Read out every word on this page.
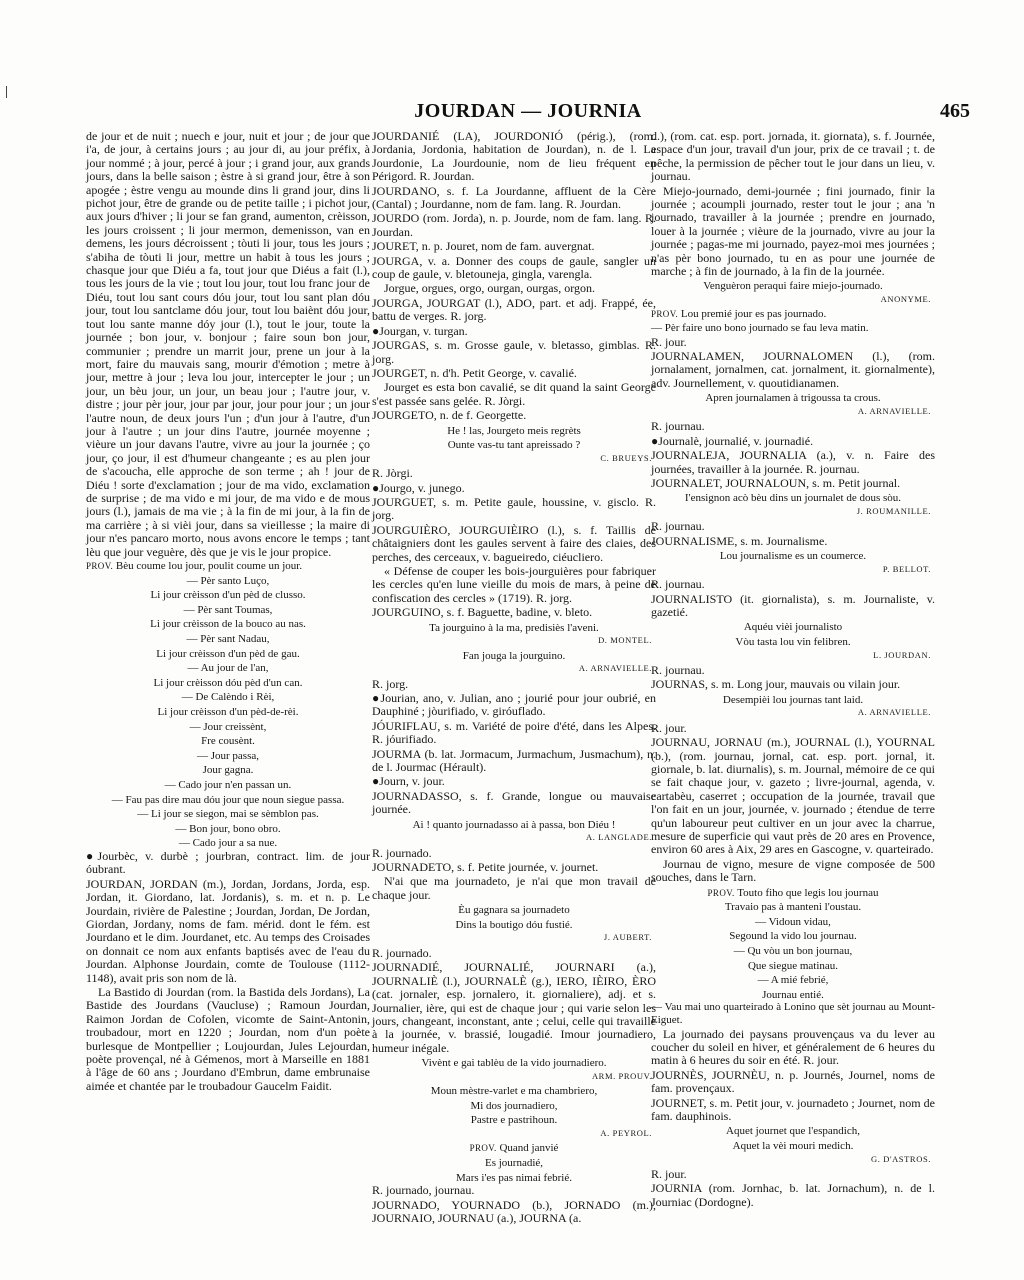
JOURDAN — JOURNIA	465

de jour et de nuit ; nuech e jour, nuit et jour ; de jour que i'a, de jour, à certains jours ; au jour di, au jour préfix, à jour nommé ; à jour, percé à jour ; i grand jour, aux grands jours, dans la belle saison ; èstre à si grand jour, être à son apogée ; èstre vengu au mounde dins li grand jour, dins li pichot jour, être de grande ou de petite taille ; i pichot jour, aux jours d'hiver ; li jour se fan grand, aumenton, crèisson, les jours croissent ; li jour mermon, demenisson, van en demens, les jours décroissent ; tòuti li jour, tous les jours ; s'abiha de tòuti li jour, mettre un habit à tous les jours ; chasque jour que Diéu a fa, tout jour que Diéus a fait (l.), tous les jours de la vie ; tout lou jour, tout lou franc jour de Diéu, tout lou sant cours dóu jour, tout lou sant plan dóu jour, tout lou santclame dóu jour, tout lou baiènt dóu jour, tout lou sante manne dóy jour (l.), tout le jour, toute la journée ; bon jour, v. bonjour ; faire soun bon jour, communier ; prendre un marrit jour, prene un jour à la mort, faire du mauvais sang, mourir d'émotion ; metre à jour, mettre à jour ; leva lou jour, intercepter le jour ; un jour, un bèu jour, un jour, un beau jour ; l'autre jour, v. distre ; jour pèr jour, jour par jour, jour pour jour ; un jour l'autre noun, de deux jours l'un ; d'un jour à l'autre, d'un jour à l'autre ; un jour dins l'autre, journée moyenne ; vièure un jour davans l'autre, vivre au jour la journée ; ço jour, ço jour, il est d'humeur changeante ; es au plen jour de s'acoucha, elle approche de son terme ; ah ! jour de Diéu ! sorte d'exclamation ; jour de ma vido, exclamation de surprise ; de ma vido e mi jour, de ma vido e de mous jours (l.), jamais de ma vie ; à la fin de mi jour, à la fin de ma carrière ; à si vièi jour, dans sa vieillesse ; la maire di jour n'es pancaro morto, nous avons encore le temps ; tant lèu que jour veguère, dès que je vis le jour propice.

PROV. Bèu coume lou jour, poulit coume un jour.

— Pèr santo Luço,
Li jour crèisson d'un pèd de clusso.
— Pèr sant Toumas,
Li jour crèisson de la bouco au nas.
— Pèr sant Nadau,
Li jour crèisson d'un pèd de gau.
— Au jour de l'an,
Li jour crèisson dóu pèd d'un can.
— De Calèndo i Rèi,
Li jour crèisson d'un pèd-de-rèi.
— Jour creissènt,
Fre cousènt.
— Jour passa,
Jour gagna.
— Cado jour n'en passan un.
— Fau pas dire mau dóu jour que noun siegue passa.
— Li jour se siegon, mai se sèmblon pas.
— Bon jour, bono obro.
— Cado jour a sa nue.

●Jourbèc, v. durbè ; jourbran, contract. lim. de jour óubrant.

JOURDAN, JORDAN (m.), Jordan, Jordans, Jorda, esp. Jordan, it. Giordano, lat. Jordanis), s. m. et n. p. Le Jourdain, rivière de Palestine ; Jourdan, Jordan, De Jordan, Giordan, Jordany, noms de fam. mérid. dont le fém. est Jourdano et le dim. Jourdanet, etc. Au temps des Croisades on donnait ce nom aux enfants baptisés avec de l'eau du Jourdan. Alphonse Jourdain, comte de Toulouse (1112-1148), avait pris son nom de là.

La Bastido di Jourdan (rom. la Bastida dels Jordans), La Bastide des Jourdans (Vaucluse) ; Ramoun Jourdan, Raimon Jordan de Cofolen, vicomte de Saint-Antonin, troubadour, mort en 1220 ; Jourdan, nom d'un poète burlesque de Montpellier ; Loujourdan, Jules Lejourdan, poète provençal, né à Gémenos, mort à Marseille en 1881 à l'âge de 60 ans ; Jourdano d'Embrun, dame embrunaise aimée et chantée par le troubadour Gaucelm Faidit.

JOURDANIÉ (LA), JOURDONIÓ (périg.), (rom. Jordania, Jordonia, habitation de Jourdan), n. de l. La Jourdonie, La Jourdounie, nom de lieu fréquent en Périgord. R. Jourdan.

JOURDANO, s. f. La Jourdanne, affluent de la Cère (Cantal) ; Jourdanne, nom de fam. lang. R. Jourdan.

JOURDO (rom. Jorda), n. p. Jourde, nom de fam. lang. R. Jourdan.

JOURET, n. p. Jouret, nom de fam. auvergnat.

JOURGA, v. a. Donner des coups de gaule, sangler un coup de gaule, v. bletouneja, gingla, varengla.

Jorgue, orgues, orgo, ourgan, ourgas, orgon.

JOURGA, JOURGAT (l.), ADO, part. et adj. Frappé, ée, battu de verges. R. jorg.

●Jourgan, v. turgan.

JOURGAS, s. m. Grosse gaule, v. bletasso, gimblas. R. jorg.

JOURGET, n. d'h. Petit George, v. cavalié.

Jourget es esta bon cavalié, se dit quand la saint George s'est passée sans gelée. R. Jòrgi.

JOURGETO, n. de f. Georgette.

He ! las, Jourgeto meis regrèts
Ounte vas-tu tant apreissado ?
C. BRUEYS.

R. Jòrgi.

●Jourgo, v. junego.

JOURGUET, s. m. Petite gaule, houssine, v. gisclo. R. jorg.

JOURGUIÈRO, JOURGUIÈIRO (l.), s. f. Taillis de châtaigniers dont les gaules servent à faire des claies, des perches, des cerceaux, v. bagueiredo, ciéucliero.

« Défense de couper les bois-jourguières pour fabriquer les cercles qu'en lune vieille du mois de mars, à peine de confiscation des cercles » (1719). R. jorg.

JOURGUINO, s. f. Baguette, badine, v. bleto.

Ta jourguino à la ma, predisiès l'aveni.
D. MONTEL.
Fan jouga la jourguino.
A. ARNAVIELLE.

R. jorg.

●Jourian, ano, v. Julian, ano ; jourié pour jour oubrié, en Dauphiné ; jòurifiado, v. giróuflado.

JÓURIFLAU, s. m. Variété de poire d'été, dans les Alpes. R. jóurifiado.

JOURMA (b. lat. Jormacum, Jurmachum, Jusmachum), n. de l. Jourmac (Hérault).

●Journ, v. jour.

JOURNADASSO, s. f. Grande, longue ou mauvaise journée.

Ai ! quanto journadasso ai à passa, bon Diéu !
A. LANGLADE.

R. journado.

JOURNADETO, s. f. Petite journée, v. journet.

N'ai que ma journadeto, je n'ai que mon travail de chaque jour.

Èu gagnara sa journadeto
Dins la boutigo dóu fustié.
J. AUBERT.

R. journado.

JOURNADIÉ, JOURNALIÉ, JOURNARI (a.), JOURNALIÈ (l.), JOURNALÈ (g.), IERO, IÈIRO, ÈRO (cat. jornaler, esp. jornalero, it. giornaliere), adj. et s. Journalier, ière, qui est de chaque jour ; qui varie selon les jours, changeant, inconstant, ante ; celui, celle qui travaille à la journée, v. brassié, lougadié. Imour journadiero, humeur inégale.

Vivènt e gai tablèu de la vido journadiero.
ARM. PROUV.
Moun mèstre-varlet e ma chambriero,
Mi dos journadiero,
Pastre e pastrihoun.
A. PEYROL.
PROV. Quand janvié
Es journadié,
Mars i'es pas nimai febrié.

R. journado, journau.

JOURNADO, YOURNADO (b.), JORNADO (m.), JOURNAIO, JOURNAU (a.), JOURNA (a.

d.), (rom. cat. esp. port. jornada, it. giornata), s. f. Journée, espace d'un jour, travail d'un jour, prix de ce travail ; t. de pêche, la permission de pêcher tout le jour dans un lieu, v. journau.

Miejo-journado, demi-journée ; fini journado, finir la journée ; acoumpli journado, rester tout le jour ; ana 'n journado, travailler à la journée ; prendre en journado, louer à la journée ; vièure de la journado, vivre au jour la journée ; pagas-me mi journado, payez-moi mes journées ; n'as pèr bono journado, tu en as pour une journée de marche ; à fin de journado, à la fin de la journée.

Venguèron peraqui faire miejo-journado.
ANONYME.

PROV. Lou premié jour es pas journado.

— Pèr faire uno bono journado se fau leva matin.

R. jour.

JOURNALAMEN, JOURNALOMEN (l.), (rom. jornalament, jornalmen, cat. jornalment, it. giornalmente), adv. Journellement, v. quoutidianamen.

Apren journalamen à trigoussa ta crous.
A. ARNAVIELLE.

R. journau.

●Journalè, journalié, v. journadié.

JOURNALEJA, JOURNALIA (a.), v. n. Faire des journées, travailler à la journée. R. journau.

JOURNALET, JOURNALOUN, s. m. Petit journal.

I'ensignon acò bèu dins un journalet de dous sòu.
J. ROUMANILLE.

R. journau.

JOURNALISME, s. m. Journalisme.

Lou journalisme es un coumerce.
P. BELLOT.

R. journau.

JOURNALISTO (it. giornalista), s. m. Journaliste, v. gazetié.

Aquéu vièi journalisto
Vòu tasta lou vin felibren.
L. JOURDAN.

R. journau.

JOURNAS, s. m. Long jour, mauvais ou vilain jour.

Desempièi lou journas tant laid.
A. ARNAVIELLE.

R. jour.

JOURNAU, JORNAU (m.), JOURNAL (l.), YOURNAL (b.), (rom. journau, jornal, cat. esp. port. jornal, it. giornale, b. lat. diurnalis), s. m. Journal, mémoire de ce qui se fait chaque jour, v. gazeto ; livre-journal, agenda, v. cartabèu, caserret ; occupation de la journée, travail que l'on fait en un jour, journée, v. journado ; étendue de terre qu'un laboureur peut cultiver en un jour avec la charrue, mesure de superficie qui vaut près de 20 ares en Provence, environ 60 ares à Aix, 29 ares en Gascogne, v. quarteirado.

Journau de vigno, mesure de vigne composée de 500 souches, dans le Tarn.

PROV. Touto fiho que legis lou journau
Travaio pas à manteni l'oustau.
— Vidoun vidau,
Segound la vido lou journau.
— Qu vòu un bon journau,
Que siegue matinau.
— A mié febrié,
Journau entié.

— Vau mai uno quarteirado à Lonino que sèt journau au Mount-Eiguet.

La journado dei paysans prouvençaus va du lever au coucher du soleil en hiver, et généralement de 6 heures du matin à 6 heures du soir en été. R. jour.

JOURNÈS, JOURNÈU, n. p. Journés, Journel, noms de fam. provençaux.

JOURNET, s. m. Petit jour, v. journadeto ; Journet, nom de fam. dauphinois.

Aquet journet que l'espandich,
Aquet la vèi mouri medich.
G. D'ASTROS.

R. jour.

JOURNIA (rom. Jornhac, b. lat. Jornachum), n. de l. Journiac (Dordogne).
